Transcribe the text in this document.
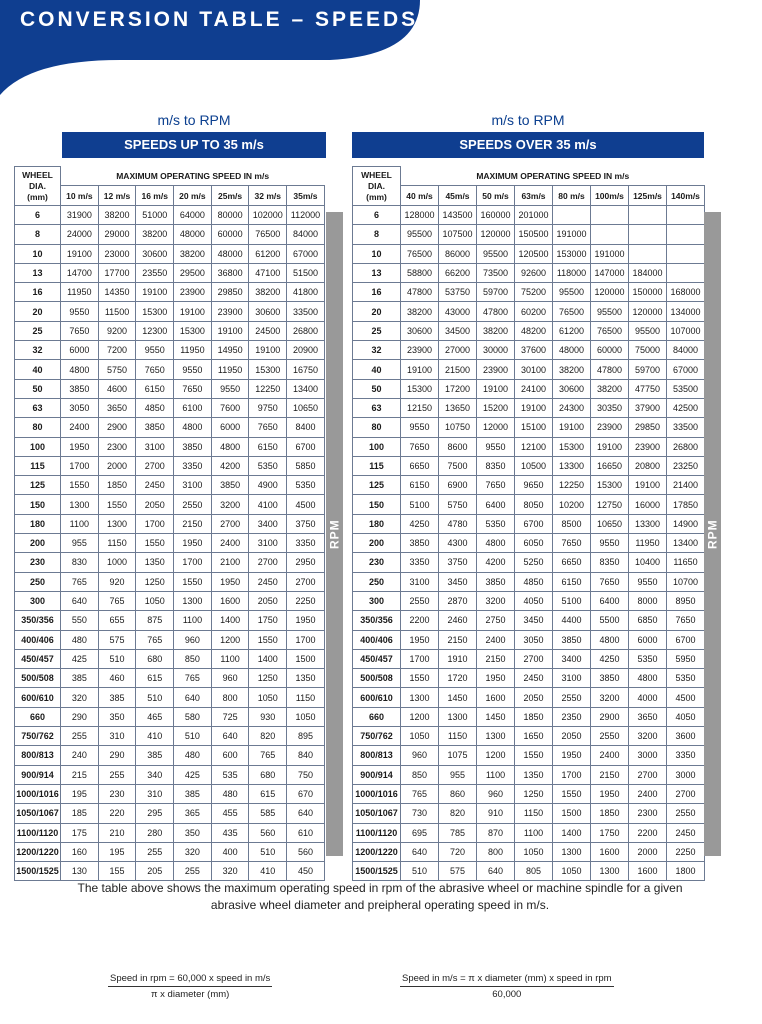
CONVERSION TABLE – SPEEDS
m/s to RPM
SPEEDS UP TO 35 m/s
WHEEL
DIA.
(mm)	MAXIMUM OPERATING SPEED IN m/s						
	10 m/s	12 m/s	16 m/s	20 m/s	25m/s	32 m/s	35m/s
6	31900	38200	51000	64000	80000	102000	112000
8	24000	29000	38200	48000	60000	76500	84000
10	19100	23000	30600	38200	48000	61200	67000
13	14700	17700	23550	29500	36800	47100	51500
16	11950	14350	19100	23900	29850	38200	41800
20	9550	11500	15300	19100	23900	30600	33500
25	7650	9200	12300	15300	19100	24500	26800
32	6000	7200	9550	11950	14950	19100	20900
40	4800	5750	7650	9550	11950	15300	16750
50	3850	4600	6150	7650	9550	12250	13400
63	3050	3650	4850	6100	7600	9750	10650
80	2400	2900	3850	4800	6000	7650	8400
100	1950	2300	3100	3850	4800	6150	6700
115	1700	2000	2700	3350	4200	5350	5850
125	1550	1850	2450	3100	3850	4900	5350
150	1300	1550	2050	2550	3200	4100	4500
180	1100	1300	1700	2150	2700	3400	3750
200	955	1150	1550	1950	2400	3100	3350
230	830	1000	1350	1700	2100	2700	2950
250	765	920	1250	1550	1950	2450	2700
300	640	765	1050	1300	1600	2050	2250
350/356	550	655	875	1100	1400	1750	1950
400/406	480	575	765	960	1200	1550	1700
450/457	425	510	680	850	1100	1400	1500
500/508	385	460	615	765	960	1250	1350
600/610	320	385	510	640	800	1050	1150
660	290	350	465	580	725	930	1050
750/762	255	310	410	510	640	820	895
800/813	240	290	385	480	600	765	840
900/914	215	255	340	425	535	680	750
1000/1016	195	230	310	385	480	615	670
1050/1067	185	220	295	365	455	585	640
1100/1120	175	210	280	350	435	560	610
1200/1220	160	195	255	320	400	510	560
1500/1525	130	155	205	255	320	410	450
RPM
m/s to RPM
SPEEDS OVER 35 m/s
WHEEL
DIA.
(mm)	MAXIMUM OPERATING SPEED IN m/s							
	40 m/s	45m/s	50 m/s	63m/s	80 m/s	100m/s	125m/s	140m/s
6	128000	143500	160000	201000				
8	95500	107500	120000	150500	191000			
10	76500	86000	95500	120500	153000	191000		
13	58800	66200	73500	92600	118000	147000	184000	
16	47800	53750	59700	75200	95500	120000	150000	168000
20	38200	43000	47800	60200	76500	95500	120000	134000
25	30600	34500	38200	48200	61200	76500	95500	107000
32	23900	27000	30000	37600	48000	60000	75000	84000
40	19100	21500	23900	30100	38200	47800	59700	67000
50	15300	17200	19100	24100	30600	38200	47750	53500
63	12150	13650	15200	19100	24300	30350	37900	42500
80	9550	10750	12000	15100	19100	23900	29850	33500
100	7650	8600	9550	12100	15300	19100	23900	26800
115	6650	7500	8350	10500	13300	16650	20800	23250
125	6150	6900	7650	9650	12250	15300	19100	21400
150	5100	5750	6400	8050	10200	12750	16000	17850
180	4250	4780	5350	6700	8500	10650	13300	14900
200	3850	4300	4800	6050	7650	9550	11950	13400
230	3350	3750	4200	5250	6650	8350	10400	11650
250	3100	3450	3850	4850	6150	7650	9550	10700
300	2550	2870	3200	4050	5100	6400	8000	8950
350/356	2200	2460	2750	3450	4400	5500	6850	7650
400/406	1950	2150	2400	3050	3850	4800	6000	6700
450/457	1700	1910	2150	2700	3400	4250	5350	5950
500/508	1550	1720	1950	2450	3100	3850	4800	5350
600/610	1300	1450	1600	2050	2550	3200	4000	4500
660	1200	1300	1450	1850	2350	2900	3650	4050
750/762	1050	1150	1300	1650	2050	2550	3200	3600
800/813	960	1075	1200	1550	1950	2400	3000	3350
900/914	850	955	1100	1350	1700	2150	2700	3000
1000/1016	765	860	960	1250	1550	1950	2400	2700
1050/1067	730	820	910	1150	1500	1850	2300	2550
1100/1120	695	785	870	1100	1400	1750	2200	2450
1200/1220	640	720	800	1050	1300	1600	2000	2250
1500/1525	510	575	640	805	1050	1300	1600	1800
RPM
The table above shows the maximum operating speed in rpm of the abrasive wheel or machine spindle for a given
abrasive wheel diameter and preipheral operating speed in m/s.
Speed in rpm = 60,000 x speed in m/s
π x diameter (mm)
Speed in m/s = π x diameter (mm) x speed in rpm
60,000
